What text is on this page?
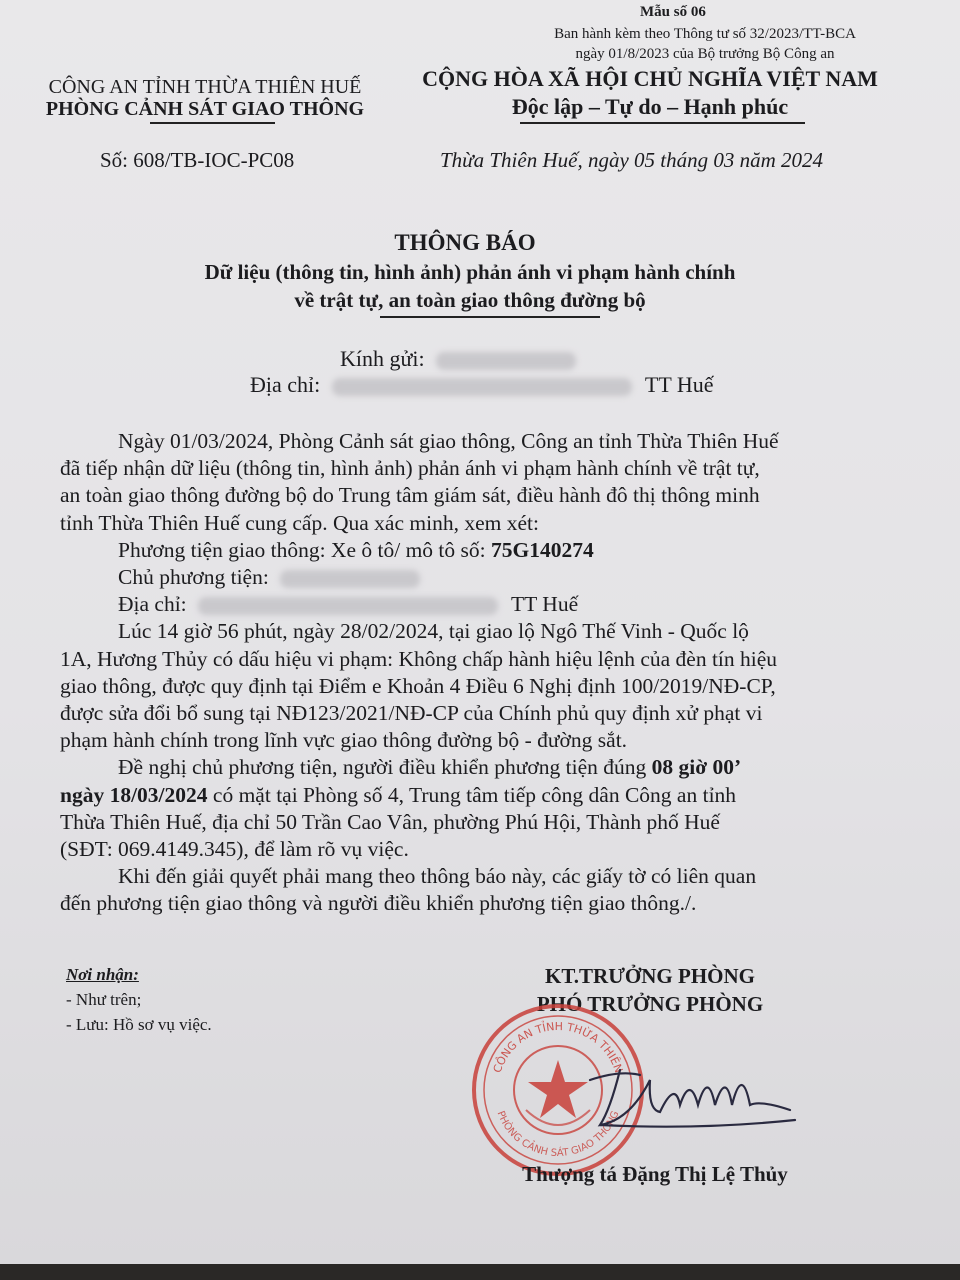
Mẫu số 06
Ban hành kèm theo Thông tư số 32/2023/TT-BCA
ngày 01/8/2023 của Bộ trưởng Bộ Công an
CÔNG AN TỈNH THỪA THIÊN HUẾ
PHÒNG CẢNH SÁT GIAO THÔNG
CỘNG HÒA XÃ HỘI CHỦ NGHĨA VIỆT NAM
Độc lập – Tự do – Hạnh phúc
Số: 608/TB-IOC-PC08	Thừa Thiên Huế, ngày 05 tháng 03 năm 2024
THÔNG BÁO
Dữ liệu (thông tin, hình ảnh) phản ánh vi phạm hành chính
về trật tự, an toàn giao thông đường bộ
Kính gửi:
Địa chỉ:	TT Huế

Ngày 01/03/2024, Phòng Cảnh sát giao thông, Công an tỉnh Thừa Thiên Huế

đã tiếp nhận dữ liệu (thông tin, hình ảnh) phản ánh vi phạm hành chính về trật tự,

an toàn giao thông đường bộ do Trung tâm giám sát, điều hành đô thị thông minh

tỉnh Thừa Thiên Huế cung cấp. Qua xác minh, xem xét:

Phương tiện giao thông: Xe ô tô/ mô tô số: 75G140274

Chủ phương tiện:

Địa chỉ:	TT Huế

Lúc 14 giờ 56 phút, ngày 28/02/2024, tại giao lộ Ngô Thế Vinh - Quốc lộ

1A, Hương Thủy có dấu hiệu vi phạm: Không chấp hành hiệu lệnh của đèn tín hiệu

giao thông, được quy định tại Điểm e Khoản 4 Điều 6 Nghị định 100/2019/NĐ-CP,

được sửa đổi bổ sung tại NĐ123/2021/NĐ-CP của Chính phủ quy định xử phạt vi

phạm hành chính trong lĩnh vực giao thông đường bộ - đường sắt.

Đề nghị chủ phương tiện, người điều khiển phương tiện đúng 08 giờ 00’

ngày 18/03/2024 có mặt tại Phòng số 4, Trung tâm tiếp công dân Công an tỉnh

Thừa Thiên Huế, địa chỉ 50 Trần Cao Vân, phường Phú Hội, Thành phố Huế

(SĐT: 069.4149.345), để làm rõ vụ việc.

Khi đến giải quyết phải mang theo thông báo này, các giấy tờ có liên quan

đến phương tiện giao thông và người điều khiển phương tiện giao thông./.

Nơi nhận:
- Như trên;
- Lưu: Hồ sơ vụ việc.
KT.TRƯỞNG PHÒNG
PHÓ TRƯỞNG PHÒNG
CÔNG AN TỈNH THỪA THIÊN
PHÒNG CẢNH SÁT GIAO THÔNG
Thượng tá Đặng Thị Lệ Thủy
